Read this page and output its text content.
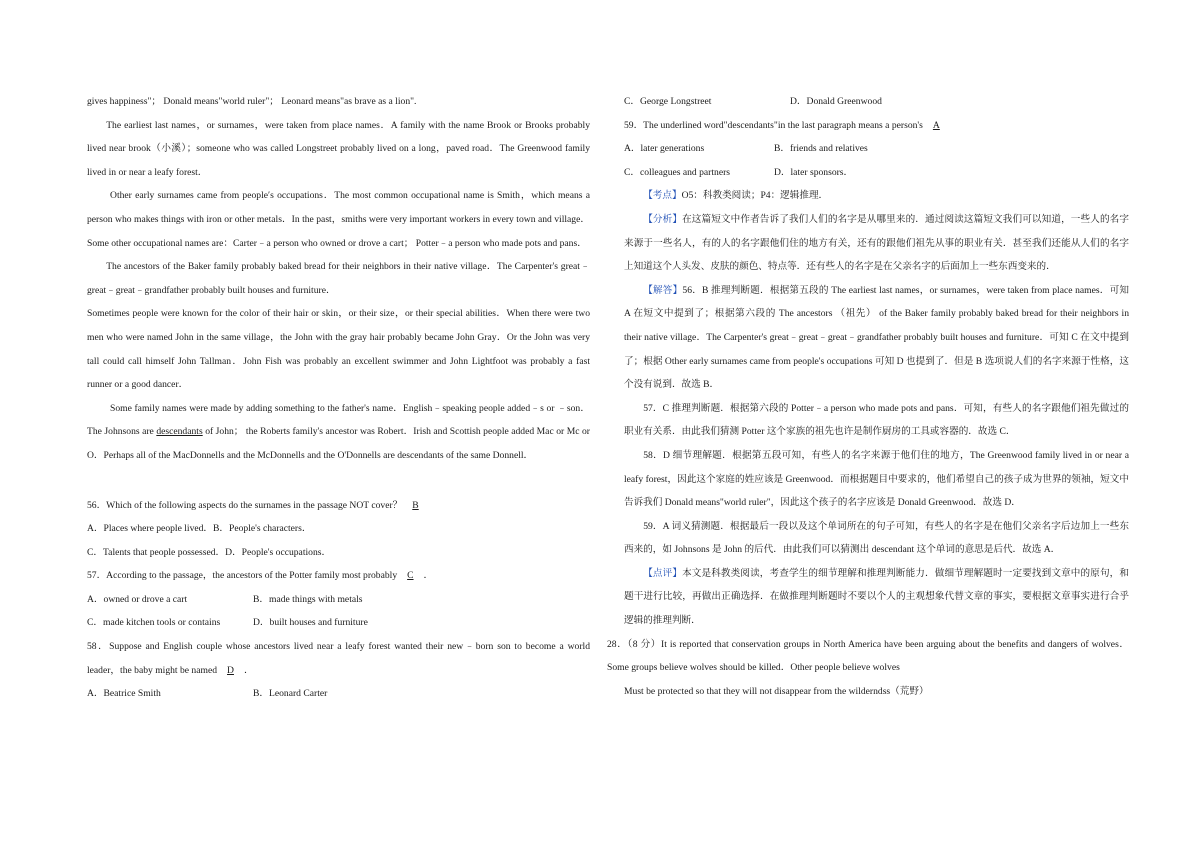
gives happiness"； Donald means"world ruler"； Leonard means"as brave as a lion".

The earliest last names，or surnames，were taken from place names．A family with the name Brook or Brooks probably lived near brook（小溪）；someone who was called Longstreet probably lived on a long，paved road．The Greenwood family lived in or near a leafy forest．

Other early surnames came from people′s occupations．The most common occupational name is Smith，which means a person who makes things with iron or other metals．In the past，smiths were very important workers in every town and village．Some other occupational names are：Carter﹣a person who owned or drove a cart； Potter﹣a person who made pots and pans．

The ancestors of the Baker family probably baked bread for their neighbors in their native village．The Carpenter's great﹣great﹣great﹣grandfather probably built houses and furniture．

Sometimes people were known for the color of their hair or skin，or their size，or their special abilities．When there were two men who were named John in the same village，the John with the gray hair probably became John Gray．Or the John was very tall could call himself John Tallman．John Fish was probably an excellent swimmer and John Lightfoot was probably a fast runner or a good dancer．

Some family names were made by adding something to the father's name．English﹣speaking people added﹣s or ﹣son．The Johnsons are descendants of John； the Roberts family's ancestor was Robert．Irish and Scottish people added Mac or Mc or O．Perhaps all of the MacDonnells and the McDonnells and the O'Donnells are descendants of the same Donnell．

56．Which of the following aspects do the surnames in the passage NOT cover？ B

A．Places where people lived．B．People's characters．

C．Talents that people possessed．D．People's occupations．

57．According to the passage，the ancestors of the Potter family most probably C ．

A．owned or drove a cart	B．made things with metals
C．made kitchen tools or contains	D．built houses and furniture

58．Suppose and English couple whose ancestors lived near a leafy forest wanted their new﹣born son to become a world leader，the baby might be named D ．

A．Beatrice Smith	B．Leonard Carter
C．George Longstreet	D．Donald Greenwood

59．The underlined word"descendants"in the last paragraph means a person's A

A．later generations	B．friends and relatives
C．colleagues and partners	D．later sponsors．

【考点】O5：科教类阅读；P4：逻辑推理．

【分析】在这篇短文中作者告诉了我们人们的名字是从哪里来的．通过阅读这篇短文我们可以知道，一些人的名字来源于一些名人，有的人的名字跟他们住的地方有关，还有的跟他们祖先从事的职业有关．甚至我们还能从人们的名字上知道这个人头发、皮肤的颜色、特点等．还有些人的名字是在父亲名字的后面加上一些东西变来的．

【解答】56．B 推理判断题．根据第五段的 The earliest last names，or surnames，were taken from place names．可知 A 在短文中提到了；根据第六段的 The ancestors （祖先） of the Baker family probably baked bread for their neighbors in their native village．The Carpenter's great﹣great﹣great﹣grandfather probably built houses and furniture．可知 C 在文中提到了；根据 Other early surnames came from people's occupations 可知 D 也提到了．但是 B 选项说人们的名字来源于性格，这个没有说到．故选 B．

57．C 推理判断题．根据第六段的 Potter﹣a person who made pots and pans．可知，有些人的名字跟他们祖先做过的职业有关系．由此我们猜测 Potter 这个家族的祖先也许是制作厨房的工具或容器的．故选 C．

58．D 细节理解题．根据第五段可知，有些人的名字来源于他们住的地方，The Greenwood family lived in or near a leafy forest，因此这个家庭的姓应该是 Greenwood．而根据题目中要求的，他们希望自己的孩子成为世界的领袖，短文中告诉我们 Donald means"world ruler"，因此这个孩子的名字应该是 Donald Greenwood．故选 D．

59．A 词义猜测题．根据最后一段以及这个单词所在的句子可知，有些人的名字是在他们父亲名字后边加上一些东西来的，如 Johnsons 是 John 的后代．由此我们可以猜测出 descendant 这个单词的意思是后代．故选 A．

【点评】本文是科教类阅读，考查学生的细节理解和推理判断能力．做细节理解题时一定要找到文章中的原句，和题干进行比较，再做出正确选择．在做推理判断题时不要以个人的主观想象代替文章的事实，要根据文章事实进行合乎逻辑的推理判断．

28．（8 分）It is reported that conservation groups in North America have been arguing about the benefits and dangers of wolves．Some groups believe wolves should be killed．Other people believe wolves

Must be protected so that they will not disappear from the wilderndss（荒野）
